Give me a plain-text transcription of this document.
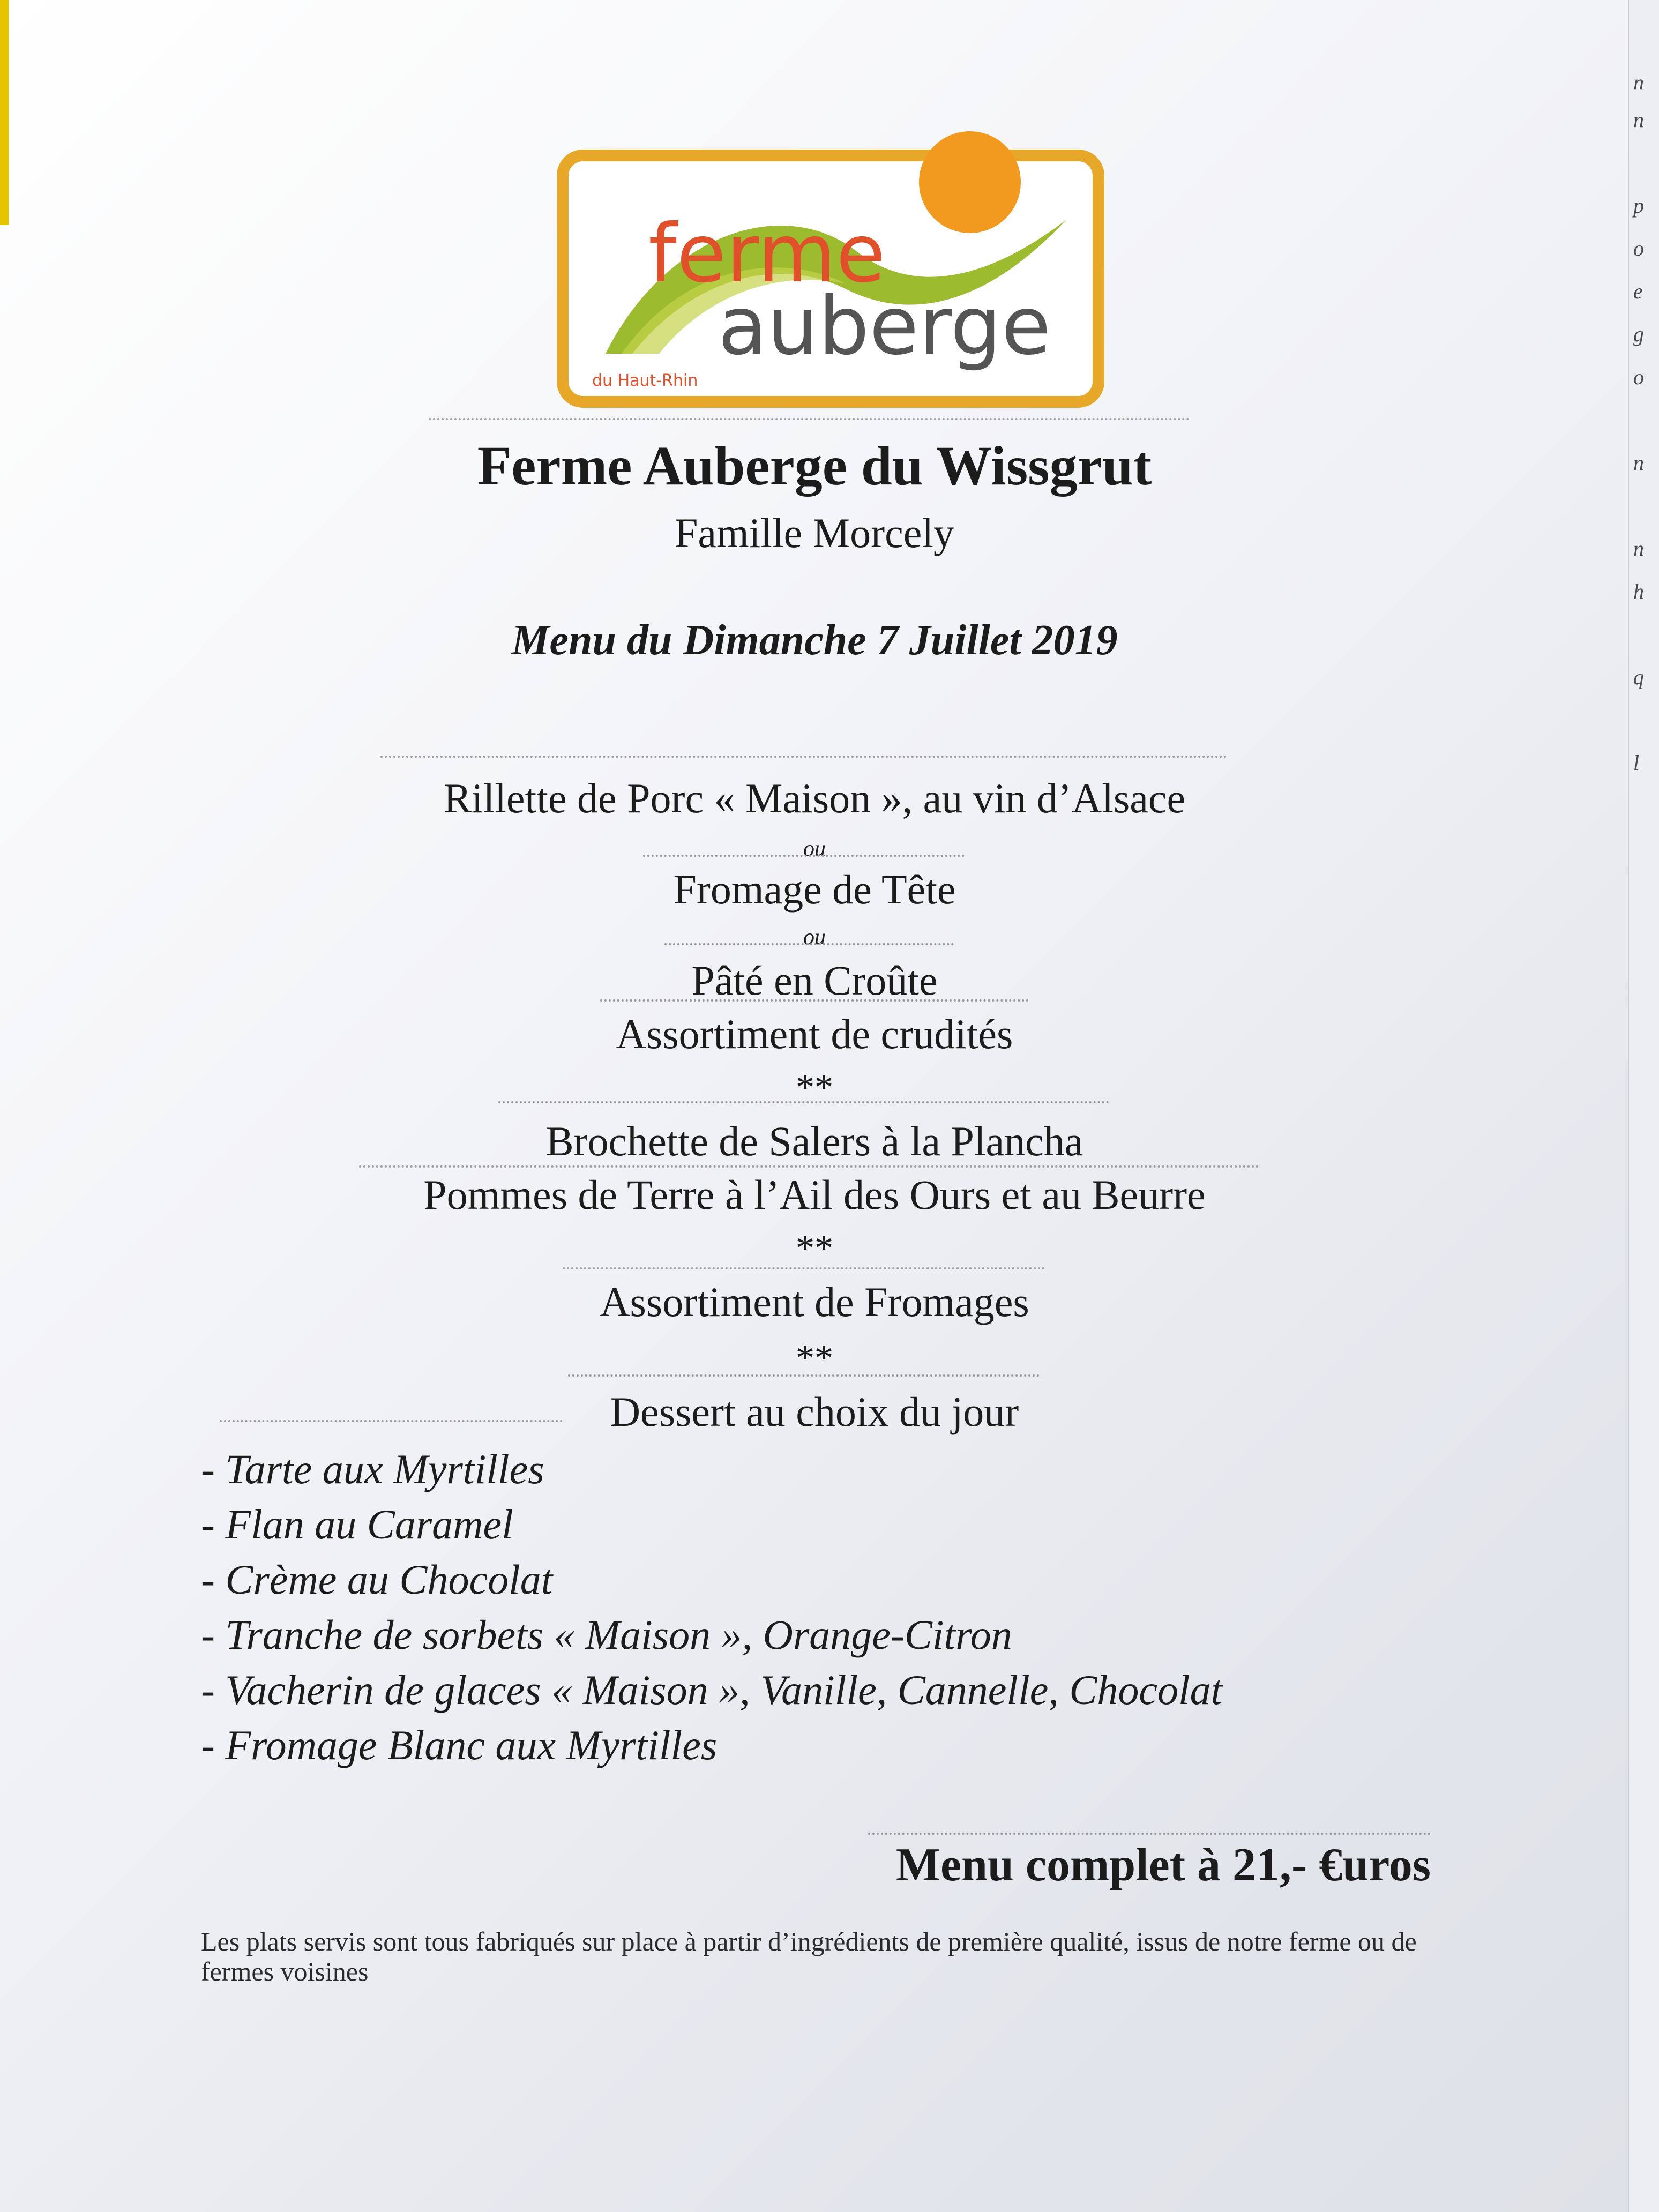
ferme
auberge
du Haut-Rhin
Ferme Auberge du Wissgrut
Famille Morcely
Menu du Dimanche 7 Juillet 2019
Rillette de Porc « Maison », au vin d’Alsace
ou
Fromage de Tête
ou
Pâté en Croûte
Assortiment de crudités
**
Brochette de Salers à la Plancha
Pommes de Terre à l’Ail des Ours et au Beurre
**
Assortiment de Fromages
**
Dessert au choix du jour
- Tarte aux Myrtilles
- Flan au Caramel
- Crème au Chocolat
- Tranche de sorbets « Maison », Orange-Citron
- Vacherin de glaces « Maison », Vanille, Cannelle, Chocolat
- Fromage Blanc aux Myrtilles
Menu complet à 21,- €uros
Les plats servis sont tous fabriqués sur place à partir d’ingrédients de première qualité, issus de notre ferme ou de fermes voisines
n
n
p
o
e
g
o
n
n
h
q
l
